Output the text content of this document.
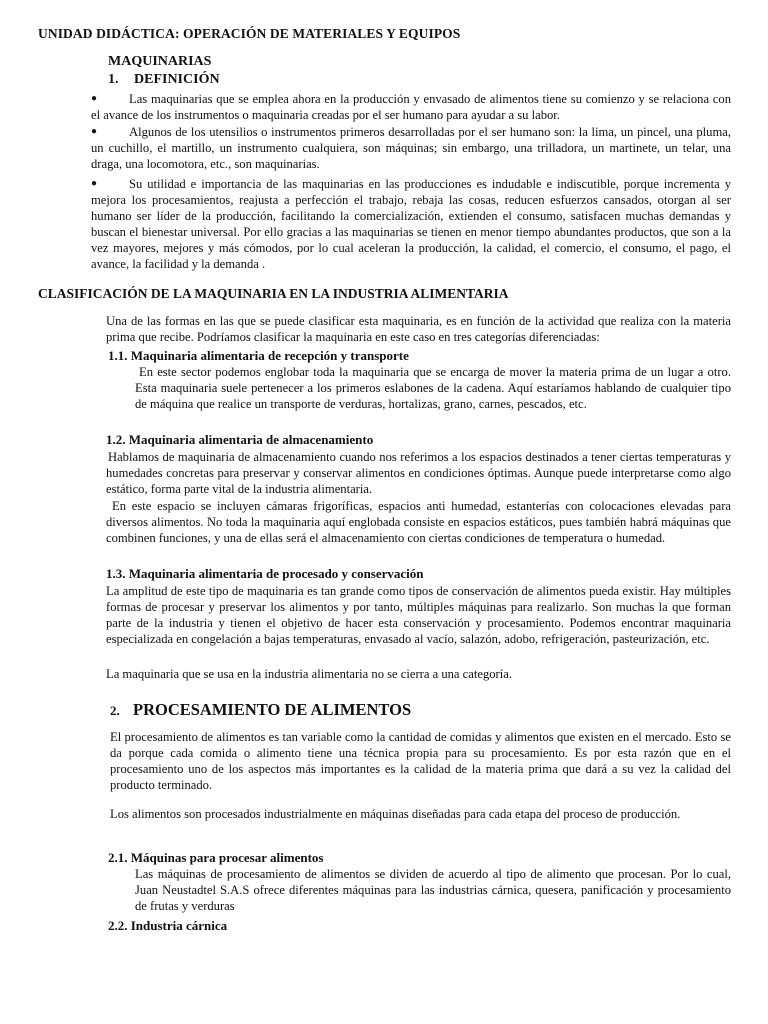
UNIDAD DIDÁCTICA: OPERACIÓN DE MATERIALES Y EQUIPOS
MAQUINARIAS
1. DEFINICIÓN
●	Las maquinarias que se emplea ahora en la producción y envasado de alimentos tiene su comienzo y se relaciona con el avance de los instrumentos o maquinaria creadas por el ser humano para ayudar a su labor.
●	Algunos de los utensilios o instrumentos primeros desarrolladas por el ser humano son: la lima, un pincel, una pluma, un cuchillo, el martillo, un instrumento cualquiera, son máquinas; sin embargo, una trilladora, un martinete, un telar, una draga, una locomotora, etc., son maquinarias.
●	Su utilidad e importancia de las maquinarias en las producciones es indudable e indiscutible, porque incrementa y mejora los procesamientos, reajusta a perfección el trabajo, rebaja las cosas, reducen esfuerzos cansados, otorgan al ser humano ser líder de la producción, facilitando la comercialización, extienden el consumo, satisfacen muchas demandas y buscan el bienestar universal. Por ello gracias a las maquinarias se tienen en menor tiempo abundantes productos, que son a la vez mayores, mejores y más cómodos, por lo cual aceleran la producción, la calidad, el comercio, el consumo, el pago, el avance, la facilidad y la demanda .
CLASIFICACIÓN DE LA MAQUINARIA EN LA INDUSTRIA ALIMENTARIA
Una de las formas en las que se puede clasificar esta maquinaria, es en función de la actividad que realiza con la materia prima que recibe. Podríamos clasificar la maquinaria en este caso en tres categorías diferenciadas:
1.1. Maquinaria alimentaria de recepción y transporte
En este sector podemos englobar toda la maquinaria que se encarga de mover la materia prima de un lugar a otro. Esta maquinaria suele pertenecer a los primeros eslabones de la cadena. Aquí estaríamos hablando de cualquier tipo de máquina que realice un transporte de verduras, hortalizas, grano, carnes, pescados, etc.
1.2. Maquinaria alimentaria de almacenamiento
Hablamos de maquinaria de almacenamiento cuando nos referimos a los espacios destinados a tener ciertas temperaturas y humedades concretas para preservar y conservar alimentos en condiciones óptimas. Aunque puede interpretarse como algo estático, forma parte vital de la industria alimentaria.
En este espacio se incluyen cámaras frigoríficas, espacios anti humedad, estanterías con colocaciones elevadas para diversos alimentos. No toda la maquinaria aquí englobada consiste en espacios estáticos, pues también habrá máquinas que combinen funciones, y una de ellas será el almacenamiento con ciertas condiciones de temperatura o humedad.
1.3. Maquinaria alimentaria de procesado y conservación
La amplitud de este tipo de maquinaria es tan grande como tipos de conservación de alimentos pueda existir. Hay múltiples formas de procesar y preservar los alimentos y por tanto, múltiples máquinas para realizarlo. Son muchas la que forman parte de la industria y tienen el objetivo de hacer esta conservación y procesamiento. Podemos encontrar maquinaria especializada en congelación a bajas temperaturas, envasado al vacío, salazón, adobo, refrigeración, pasteurización, etc.
La maquinaria que se usa en la industria alimentaria no se cierra a una categoría.
2. PROCESAMIENTO DE ALIMENTOS
El procesamiento de alimentos es tan variable como la cantidad de comidas y alimentos que existen en el mercado. Esto se da porque cada comida o alimento tiene una técnica propia para su procesamiento. Es por esta razón que en el procesamiento uno de los aspectos más importantes es la calidad de la materia prima que dará a su vez la calidad del producto terminado.
Los alimentos son procesados industrialmente en máquinas diseñadas para cada etapa del proceso de producción.
2.1. Máquinas para procesar alimentos
Las máquinas de procesamiento de alimentos se dividen de acuerdo al tipo de alimento que procesan. Por lo cual, Juan Neustadtel S.A.S ofrece diferentes máquinas para las industrias cárnica, quesera, panificación y procesamiento de frutas y verduras
2.2. Industria cárnica
